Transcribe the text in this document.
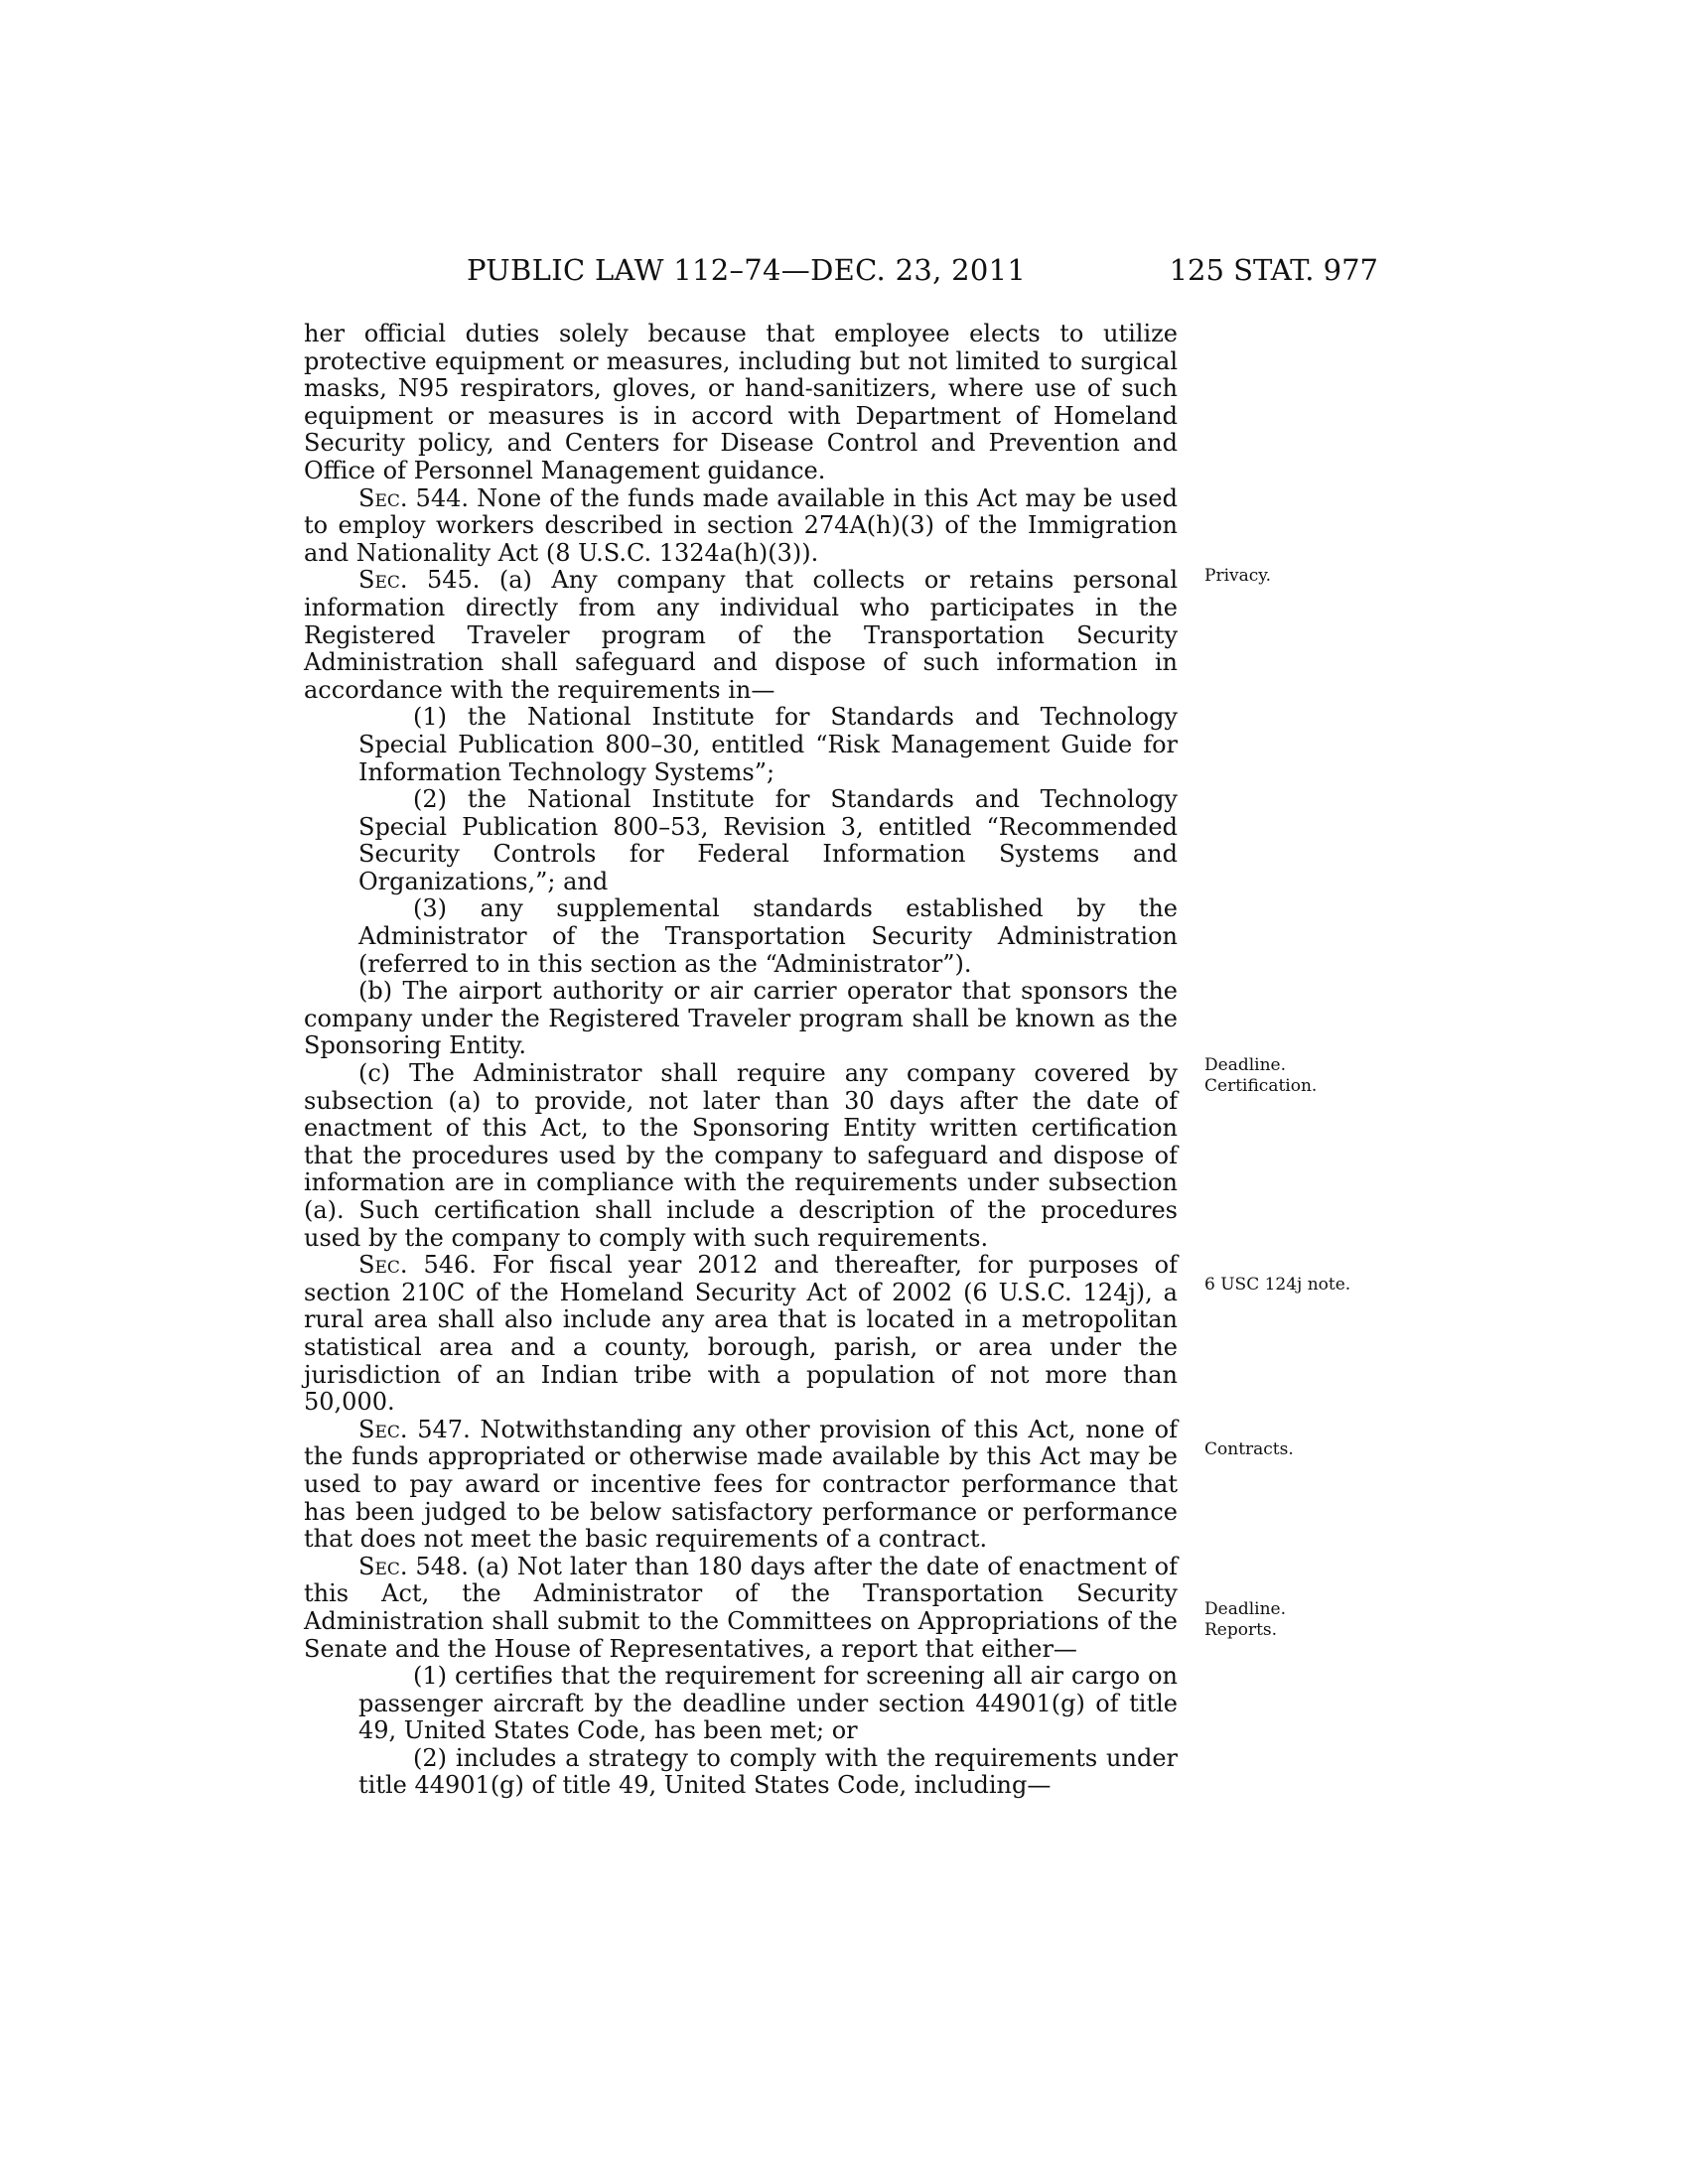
PUBLIC LAW 112–74—DEC. 23, 2011	125 STAT. 977

her official duties solely because that employee elects to utilize protective equipment or measures, including but not limited to surgical masks, N95 respirators, gloves, or hand-sanitizers, where use of such equipment or measures is in accord with Department of Homeland Security policy, and Centers for Disease Control and Prevention and Office of Personnel Management guidance.

Sec. 544. None of the funds made available in this Act may be used to employ workers described in section 274A(h)(3) of the Immigration and Nationality Act (8 U.S.C. 1324a(h)(3)).

Sec. 545. (a) Any company that collects or retains personal information directly from any individual who participates in the Registered Traveler program of the Transportation Security Administration shall safeguard and dispose of such information in accordance with the requirements in—

(1) the National Institute for Standards and Technology Special Publication 800–30, entitled “Risk Management Guide for Information Technology Systems”;

(2) the National Institute for Standards and Technology Special Publication 800–53, Revision 3, entitled “Recommended Security Controls for Federal Information Systems and Organizations,”; and

(3) any supplemental standards established by the Administrator of the Transportation Security Administration (referred to in this section as the “Administrator”).

(b) The airport authority or air carrier operator that sponsors the company under the Registered Traveler program shall be known as the Sponsoring Entity.

(c) The Administrator shall require any company covered by subsection (a) to provide, not later than 30 days after the date of enactment of this Act, to the Sponsoring Entity written certification that the procedures used by the company to safeguard and dispose of information are in compliance with the requirements under subsection (a). Such certification shall include a description of the procedures used by the company to comply with such requirements.

Sec. 546. For fiscal year 2012 and thereafter, for purposes of section 210C of the Homeland Security Act of 2002 (6 U.S.C. 124j), a rural area shall also include any area that is located in a metropolitan statistical area and a county, borough, parish, or area under the jurisdiction of an Indian tribe with a population of not more than 50,000.

Sec. 547. Notwithstanding any other provision of this Act, none of the funds appropriated or otherwise made available by this Act may be used to pay award or incentive fees for contractor performance that has been judged to be below satisfactory performance or performance that does not meet the basic requirements of a contract.

Sec. 548. (a) Not later than 180 days after the date of enactment of this Act, the Administrator of the Transportation Security Administration shall submit to the Committees on Appropriations of the Senate and the House of Representatives, a report that either—

(1) certifies that the requirement for screening all air cargo on passenger aircraft by the deadline under section 44901(g) of title 49, United States Code, has been met; or

(2) includes a strategy to comply with the requirements under title 44901(g) of title 49, United States Code, including—

Privacy.
Deadline.
Certification.
6 USC 124j note.
Contracts.
Deadline.
Reports.
